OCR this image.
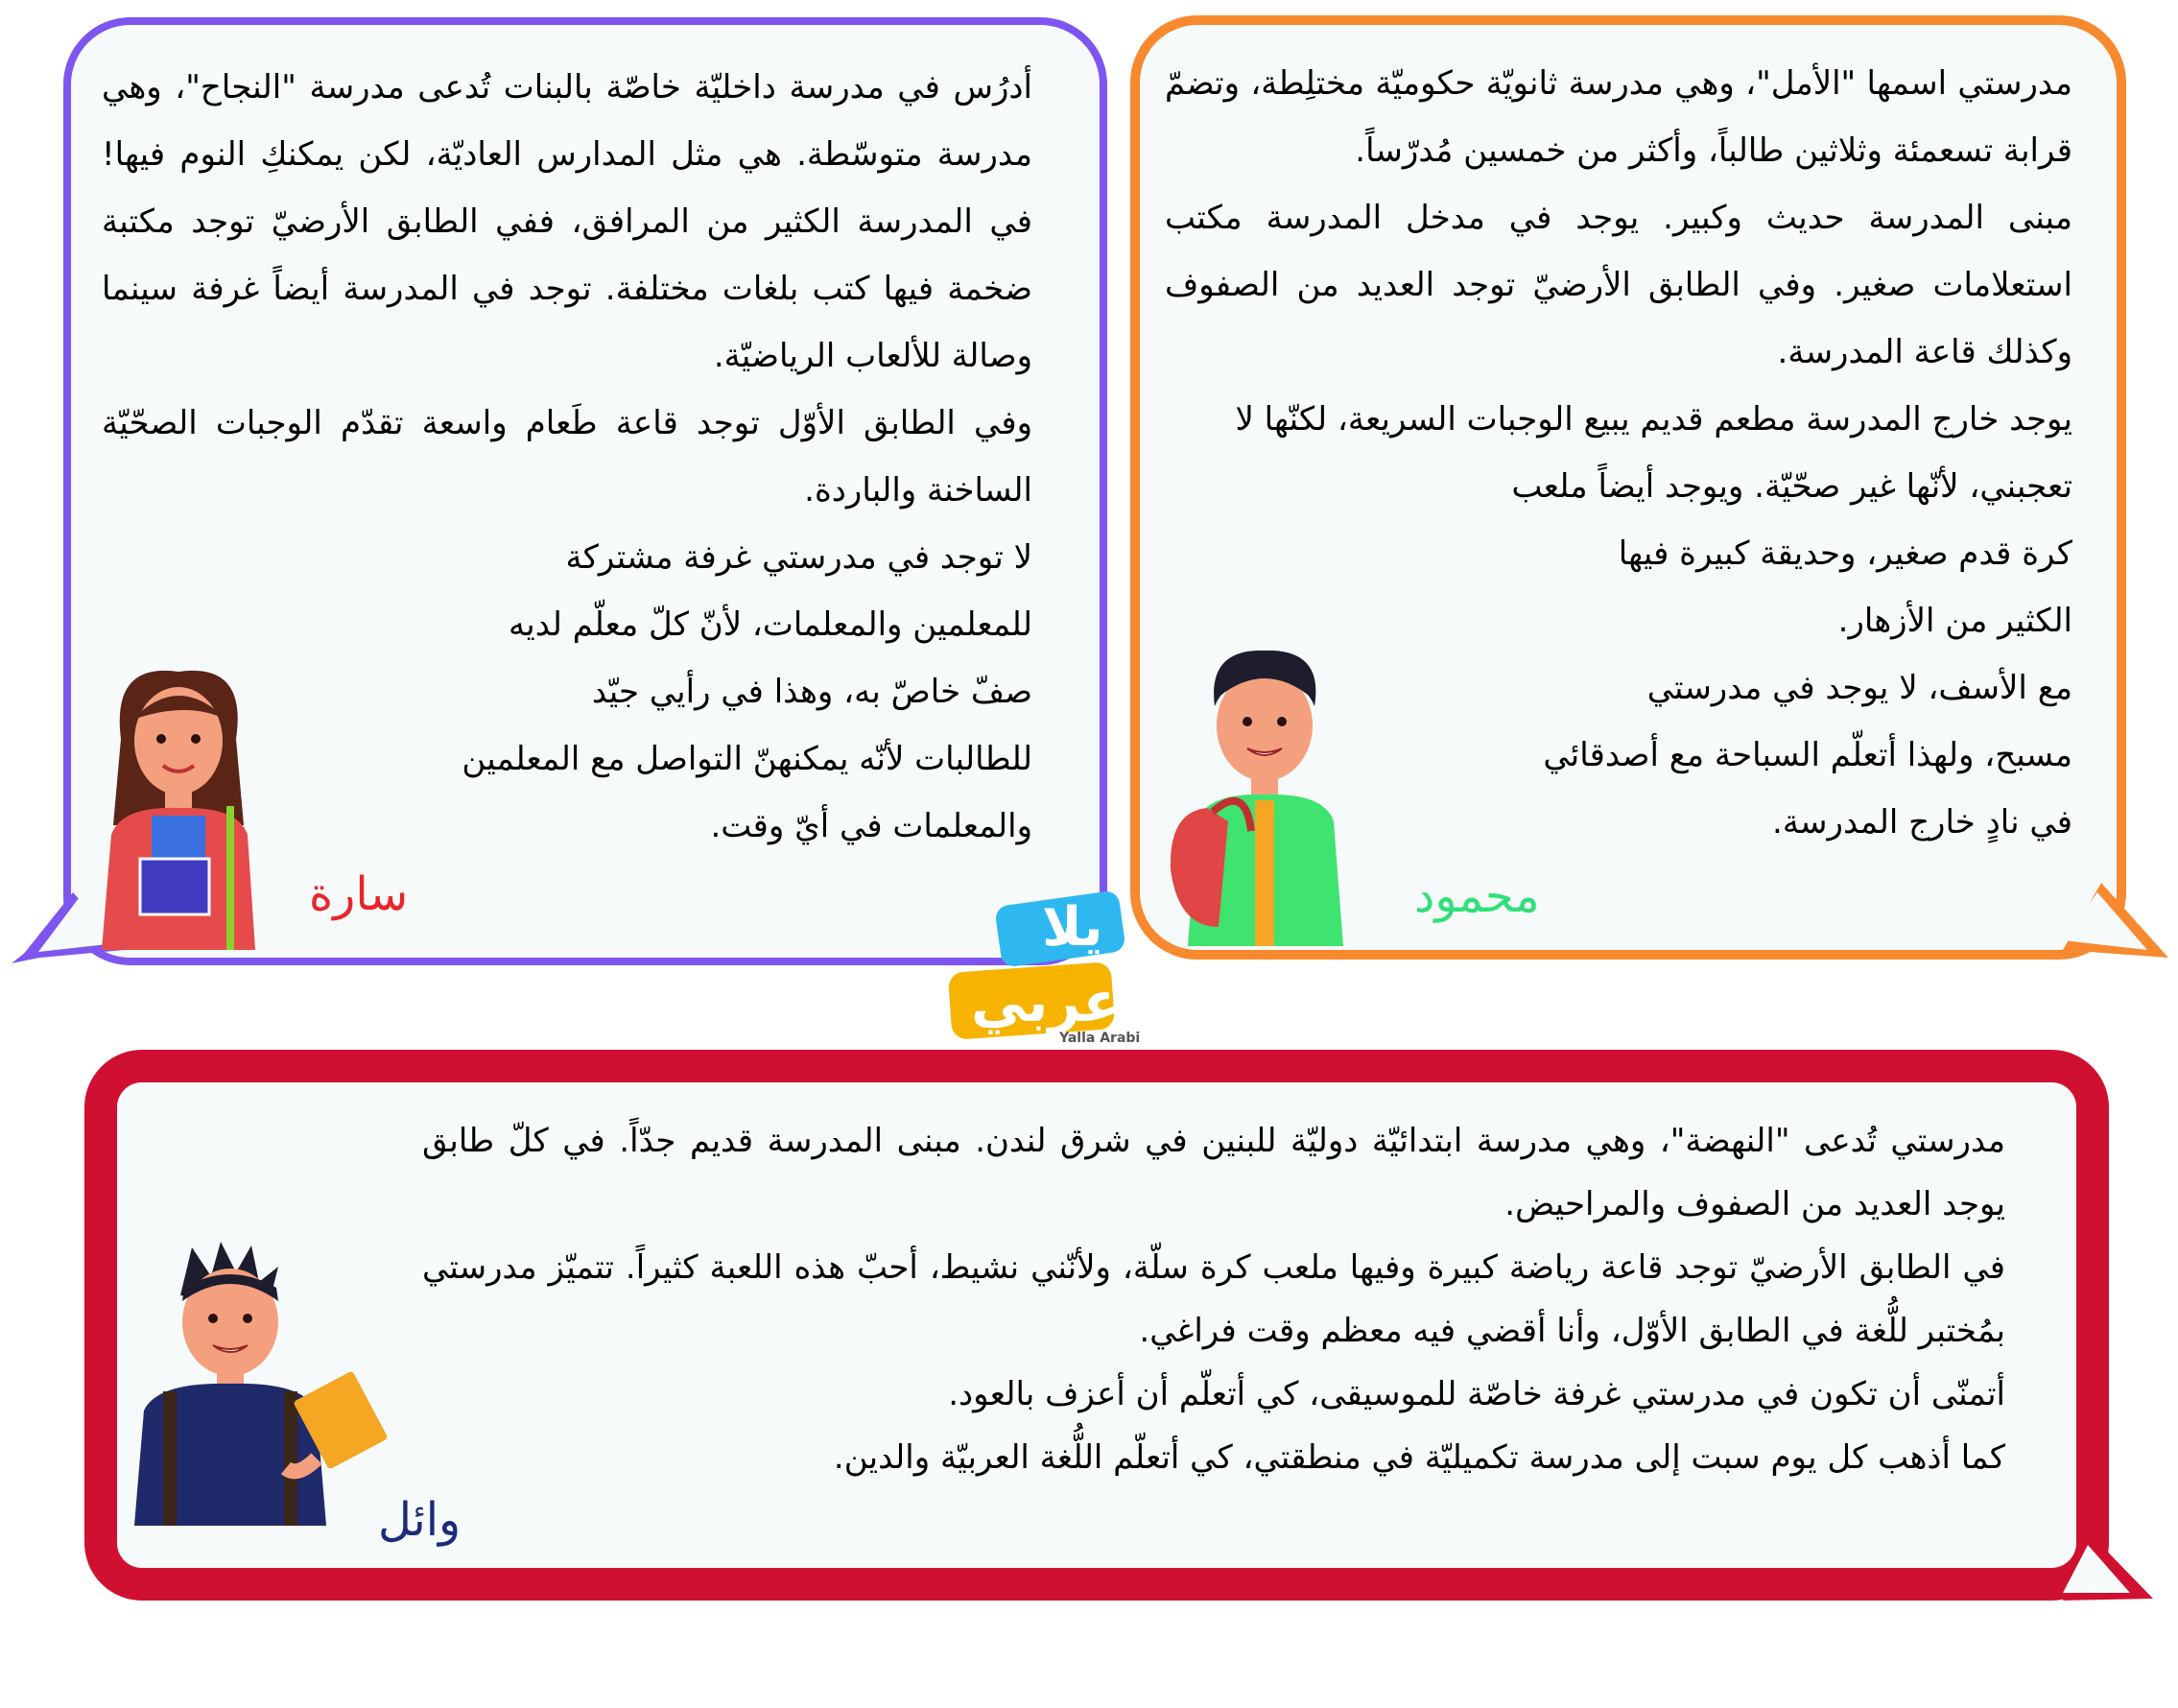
أدرُس في مدرسة داخليّة خاصّة بالبنات تُدعى مدرسة "النجاح"، وهي مدرسة متوسّطة. هي مثل المدارس العاديّة، لكن يمكنكِ النوم فيها! في المدرسة الكثير من المرافق، ففي الطابق الأرضيّ توجد مكتبة ضخمة فيها كتب بلغات مختلفة. توجد في المدرسة أيضاً غرفة سينما وصالة للألعاب الرياضيّة.

وفي الطابق الأوّل توجد قاعة طَعام واسعة تقدّم الوجبات الصحّيّة الساخنة والباردة.

لا توجد في مدرستي غرفة مشتركة
للمعلمين والمعلمات، لأنّ كلّ معلّم لديه
صفّ خاصّ به، وهذا في رأيي جيّد
للطالبات لأنّه يمكنهنّ التواصل مع المعلمين
والمعلمات في أيّ وقت.

سارة

مدرستي اسمها "الأمل"، وهي مدرسة ثانويّة حكوميّة مختلِطة، وتضمّ قرابة تسعمئة وثلاثين طالباً، وأكثر من خمسين مُدرّساً.

مبنى المدرسة حديث وكبير. يوجد في مدخل المدرسة مكتب استعلامات صغير. وفي الطابق الأرضيّ توجد العديد من الصفوف وكذلك قاعة المدرسة.

يوجد خارج المدرسة مطعم قديم يبيع الوجبات السريعة، لكنّها لا تعجبني، لأنّها غير صحّيّة. ويوجد أيضاً ملعب
كرة قدم صغير، وحديقة كبيرة فيها
الكثير من الأزهار.

مع الأسف، لا يوجد في مدرستي
مسبح، ولهذا أتعلّم السباحة مع أصدقائي
في نادٍ خارج المدرسة.

محمود
يلا
عربي
Yalla Arabi

مدرستي تُدعى "النهضة"، وهي مدرسة ابتدائيّة دوليّة للبنين في شرق لندن. مبنى المدرسة قديم جدّاً. في كلّ طابق يوجد العديد من الصفوف والمراحيض.

في الطابق الأرضيّ توجد قاعة رياضة كبيرة وفيها ملعب كرة سلّة، ولأنّني نشيط، أحبّ هذه اللعبة كثيراً. تتميّز مدرستي بمُختبر للُّغة في الطابق الأوّل، وأنا أقضي فيه معظم وقت فراغي.

أتمنّى أن تكون في مدرستي غرفة خاصّة للموسيقى، كي أتعلّم أن أعزف بالعود.

كما أذهب كل يوم سبت إلى مدرسة تكميليّة في منطقتي، كي أتعلّم اللُّغة العربيّة والدين.

وائل
